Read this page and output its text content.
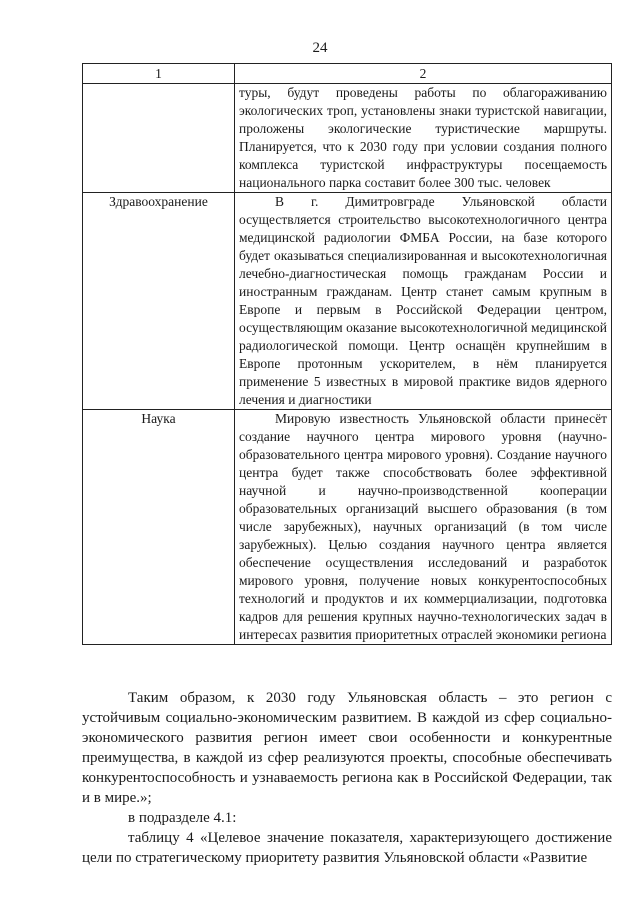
24
1	2
	туры, будут проведены работы по облагораживанию экологических троп, установлены знаки туристской навигации, проложены экологические туристические маршруты. Планируется, что к 2030 году при условии создания полного комплекса туристской инфраструктуры посещаемость национального парка составит более 300 тыс. человек
Здравоохранение	В г. Димитровграде Ульяновской области осуществляется строительство высокотехнологичного центра медицинской радиологии ФМБА России, на базе которого будет оказываться специализированная и высокотехнологичная лечебно-диагностическая помощь гражданам России и иностранным гражданам. Центр станет самым крупным в Европе и первым в Российской Федерации центром, осуществляющим оказание высокотехнологичной медицинской радиологической помощи. Центр оснащён крупнейшим в Европе протонным ускорителем, в нём планируется применение 5 известных в мировой практике видов ядерного лечения и диагностики
Наука	Мировую известность Ульяновской области принесёт создание научного центра мирового уровня (научно-образовательного центра мирового уровня). Создание научного центра будет также способствовать более эффективной научной и научно-производственной кооперации образовательных организаций высшего образования (в том числе зарубежных), научных организаций (в том числе зарубежных). Целью создания научного центра является обеспечение осуществления исследований и разработок мирового уровня, получение новых конкурентоспособных технологий и продуктов и их коммерциализации, подготовка кадров для решения крупных научно-технологических задач в интересах развития приоритетных отраслей экономики региона

Таким образом, к 2030 году Ульяновская область – это регион с устойчивым социально-экономическим развитием. В каждой из сфер социально-экономического развития регион имеет свои особенности и конкурентные преимущества, в каждой из сфер реализуются проекты, способные обеспечивать конкурентоспособность и узнаваемость региона как в Российской Федерации, так и в мире.»;

в подразделе 4.1:

таблицу 4 «Целевое значение показателя, характеризующего достижение цели по стратегическому приоритету развития Ульяновской области «Развитие
